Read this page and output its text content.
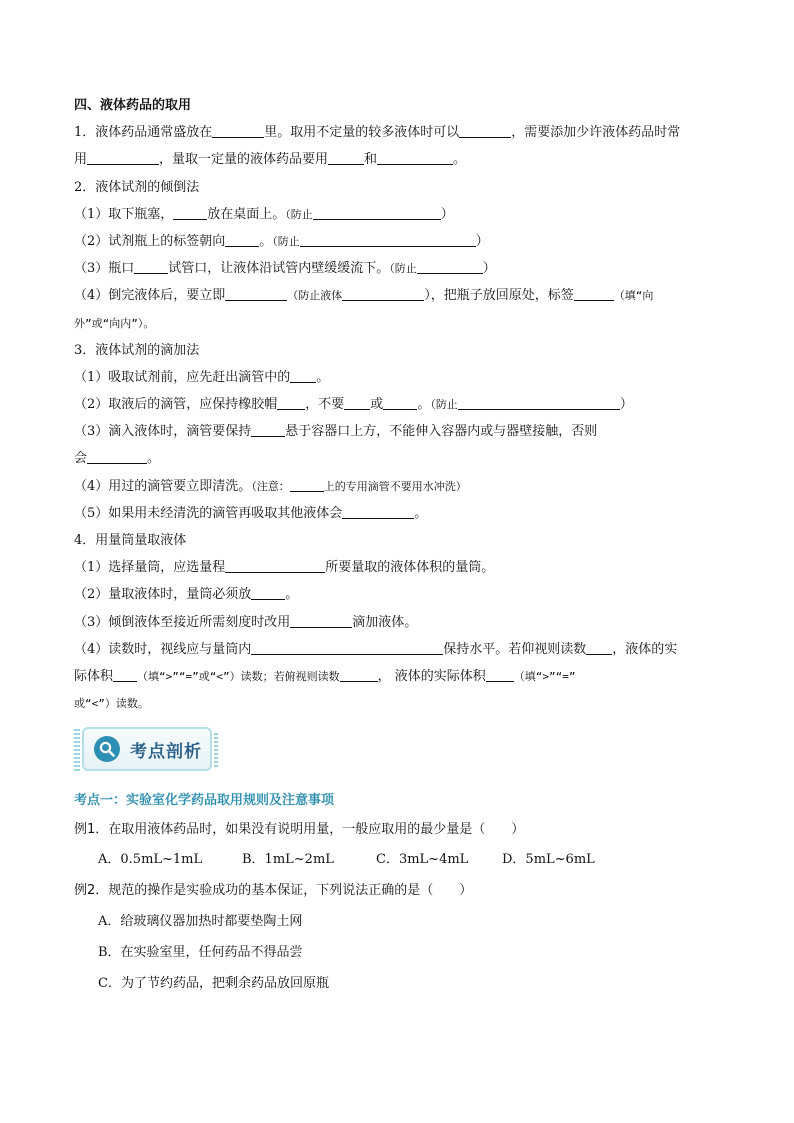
四、液体药品的取用
1．液体药品通常盛放在	里。取用不定量的较多液体时可以	，需要添加少许液体药品时常
用	，量取一定量的液体药品要用	和	。
2．液体试剂的倾倒法
（1）取下瓶塞，	放在桌面上。（防止	）
（2）试剂瓶上的标签朝向	。（防止	）
（3）瓶口	试管口，让液体沿试管内壁缓缓流下。（防止	）
（4）倒完液体后，要立即	（防止液体	），把瓶子放回原处，标签	（填“向
外”或“向内”）。
3．液体试剂的滴加法
（1）吸取试剂前，应先赶出滴管中的 。
（2）取液后的滴管，应保持橡胶帽 ，不要 或	。（防止	）
（3）滴入液体时，滴管要保持	悬于容器口上方，不能伸入容器内或与器壁接触，否则
会	。
（4）用过的滴管要立即清洗。（注意：	上的专用滴管不要用水冲洗）
（5）如果用未经清洗的滴管再吸取其他液体会	。
4．用量筒量取液体
（1）选择量筒，应选量程	所要量取的液体体积的量筒。
（2）量取液体时，量筒必须放	。
（3）倾倒液体至接近所需刻度时改用	滴加液体。
（4）读数时，视线应与量筒内	保持水平。若仰视则读数 ，液体的实
际体积 （填“>”“=”或“<”）读数；若俯视则读数	， 液体的实际体积	（填“>”“=”
或“<”）读数。
考点剖析
考点一：实验室化学药品取用规则及注意事项
例1．在取用液体药品时，如果没有说明用量，一般应取用的最少量是（　　）
A．0.5mL~1mL	B．1mL~2mL	C．3mL~4mL	D．5mL~6mL
例2．规范的操作是实验成功的基本保证，下列说法正确的是（　　）
A．给玻璃仪器加热时都要垫陶土网
B．在实验室里，任何药品不得品尝
C．为了节约药品，把剩余药品放回原瓶
